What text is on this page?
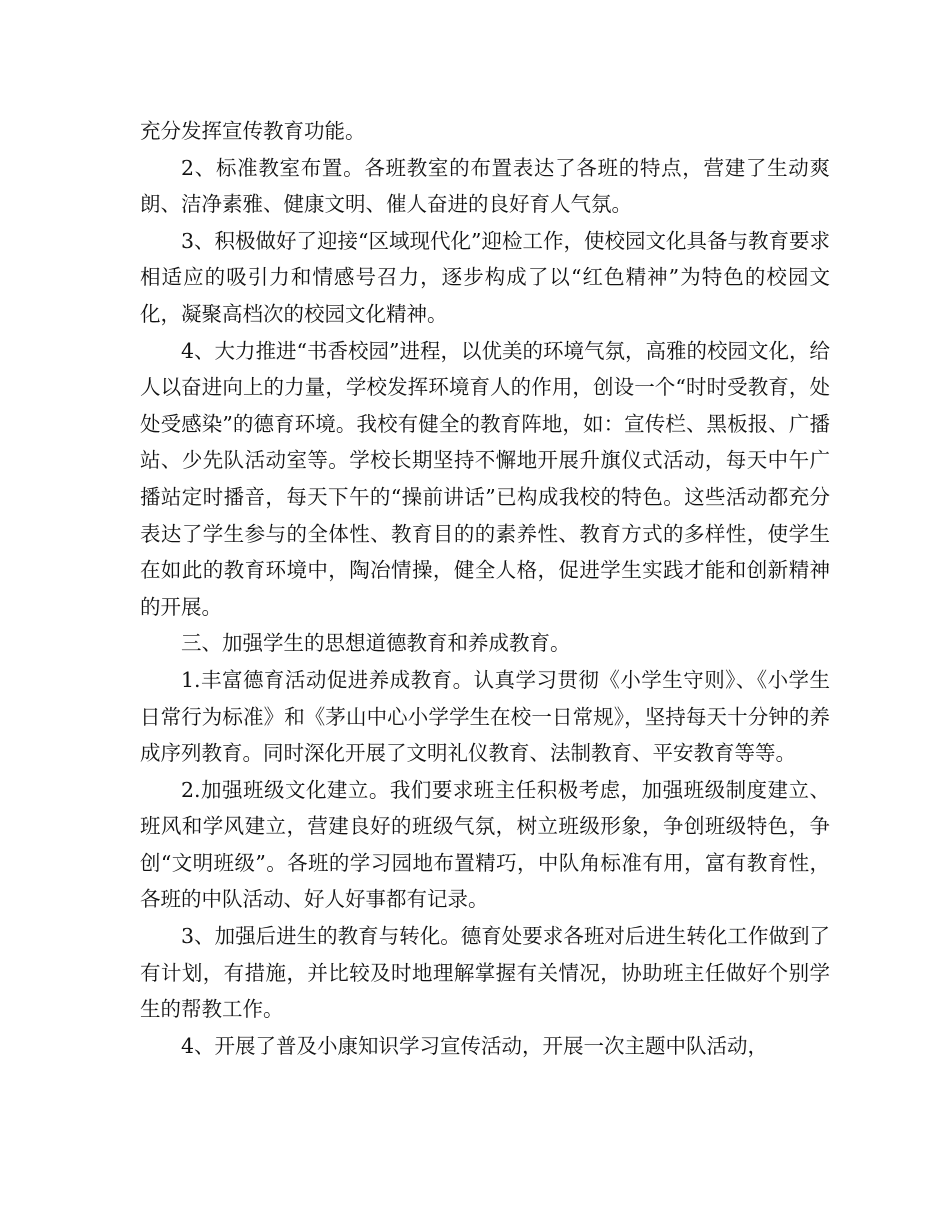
充分发挥宣传教育功能。

2、标准教室布置。各班教室的布置表达了各班的特点，营建了生动爽朗、洁净素雅、健康文明、催人奋进的良好育人气氛。

3、积极做好了迎接“区域现代化”迎检工作，使校园文化具备与教育要求相适应的吸引力和情感号召力，逐步构成了以“红色精神”为特色的校园文化，凝聚高档次的校园文化精神。

4、大力推进“书香校园”进程，以优美的环境气氛，高雅的校园文化，给人以奋进向上的力量，学校发挥环境育人的作用，创设一个“时时受教育，处处受感染”的德育环境。我校有健全的教育阵地，如：宣传栏、黑板报、广播站、少先队活动室等。学校长期坚持不懈地开展升旗仪式活动，每天中午广播站定时播音，每天下午的“操前讲话”已构成我校的特色。这些活动都充分表达了学生参与的全体性、教育目的的素养性、教育方式的多样性，使学生在如此的教育环境中，陶冶情操，健全人格，促进学生实践才能和创新精神的开展。

三、加强学生的思想道德教育和养成教育。

1.丰富德育活动促进养成教育。认真学习贯彻《小学生守则》、《小学生日常行为标准》和《茅山中心小学学生在校一日常规》，坚持每天十分钟的养成序列教育。同时深化开展了文明礼仪教育、法制教育、平安教育等等。

2.加强班级文化建立。我们要求班主任积极考虑，加强班级制度建立、班风和学风建立，营建良好的班级气氛，树立班级形象，争创班级特色，争创“文明班级”。各班的学习园地布置精巧，中队角标准有用，富有教育性，各班的中队活动、好人好事都有记录。

3、加强后进生的教育与转化。德育处要求各班对后进生转化工作做到了有计划，有措施，并比较及时地理解掌握有关情况，协助班主任做好个别学生的帮教工作。

4、开展了普及小康知识学习宣传活动，开展一次主题中队活动，
